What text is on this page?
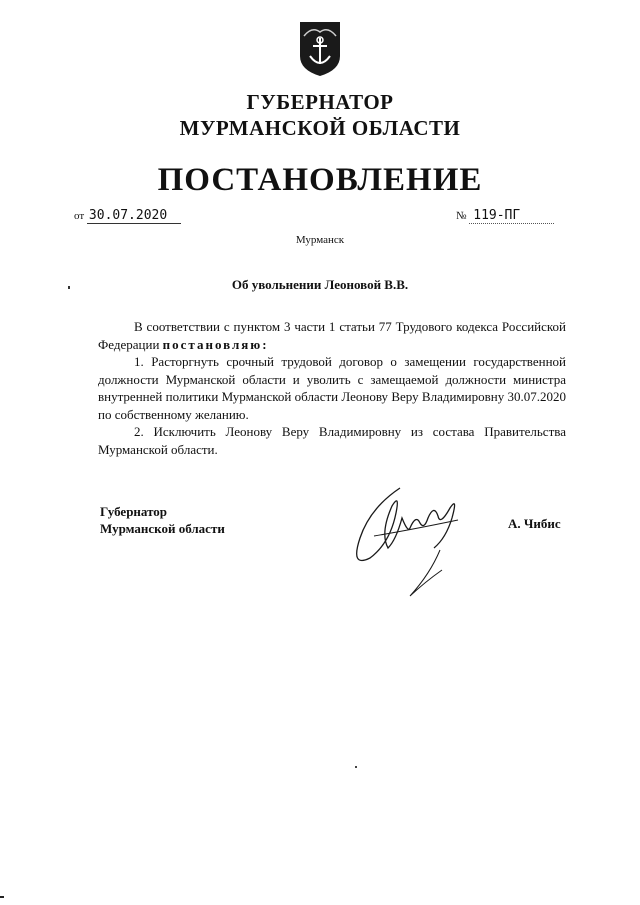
ГУБЕРНАТОР
МУРМАНСКОЙ ОБЛАСТИ
ПОСТАНОВЛЕНИЕ
от 30.07.2020	№ 119-ПГ
Мурманск
Об увольнении Леоновой В.В.

В соответствии с пунктом 3 части 1 статьи 77 Трудового кодекса Российской Федерации постановляю:

1. Расторгнуть срочный трудовой договор о замещении государственной должности Мурманской области и уволить с замещаемой должности министра внутренней политики Мурманской области Леонову Веру Владимировну 30.07.2020 по собственному желанию.

2. Исключить Леонову Веру Владимировну из состава Правительства Мурманской области.

Губернатор
Мурманской области	А. Чибис
